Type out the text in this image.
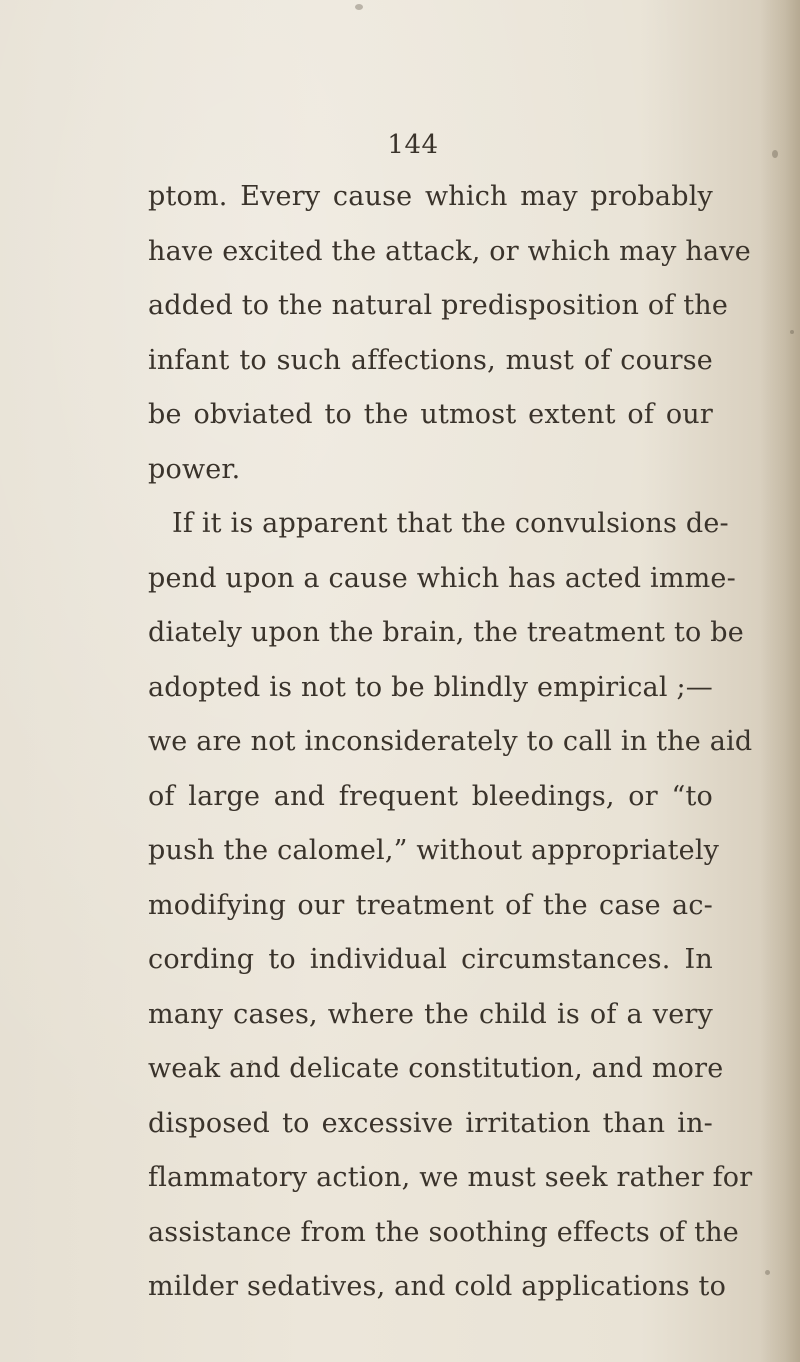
144
ptom. Every cause which may probably
have excited the attack, or which may have
added to the natural predisposition of the
infant to such affections, must of course
be obviated to the utmost extent of our
power.
If it is apparent that the convulsions de-
pend upon a cause which has acted imme-
diately upon the brain, the treatment to be
adopted is not to be blindly empirical ;—
we are not inconsiderately to call in the aid
of large and frequent bleedings, or “to
push the calomel,” without appropriately
modifying our treatment of the case ac-
cording to individual circumstances. In
many cases, where the child is of a very
weak and delicate constitution, and more
disposed to excessive irritation than in-
flammatory action, we must seek rather for
assistance from the soothing effects of the
milder sedatives, and cold applications to
